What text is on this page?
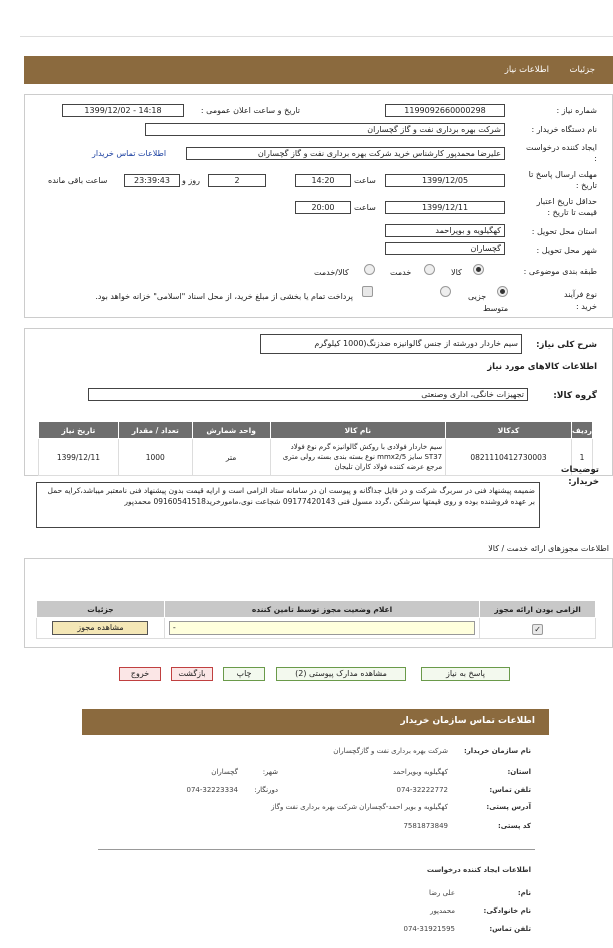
جزئیات
اطلاعات نیاز
شماره نیاز :
1199092660000298
تاریخ و ساعت اعلان عمومی :
1399/12/02 - 14:18
نام دستگاه خریدار :
شرکت بهره برداری نفت و گاز گچساران
ایجاد کننده درخواست :
علیرضا محمدپور کارشناس خرید شرکت بهره برداری نفت و گاز گچساران
اطلاعات تماس خریدار
مهلت ارسال پاسخ تا تاریخ :
1399/12/05
ساعت
14:20
2
روز و
23:39:43
ساعت باقی مانده
حداقل تاریخ اعتبار قیمت تا تاریخ :
1399/12/11
ساعت
20:00
استان محل تحویل :
کهگیلویه و بویراحمد
شهر محل تحویل :
گچساران
طبقه بندی موضوعی :
کالا
خدمت
کالا/خدمت
نوع فرآیند خرید :
جزیی
متوسط
پرداخت تمام یا بخشی از مبلغ خرید، از محل اسناد "اسلامی" خزانه خواهد بود.
شرح کلی نیاز:
سیم خاردار دورشته از جنس گالوانیزه ضدزنگ(1000 کیلوگرم
اطلاعات کالاهای مورد نیاز
گروه کالا:
تجهیزات خانگی، اداری وصنعتی
تاریخ نیاز	تعداد / مقدار	واحد شمارش	نام کالا	کدکالا	ردیف
1399/12/11	1000	متر	سیم خاردار فولادی با روکش گالوانیزه گرم نوع فولاد ST37 سایز mmx2/5 نوع بسته بندی بسته رولی متری مرجع عرضه کننده فولاد کاران تلیجان	0821110412730003	1
توضیحات خریدار:
ضمیمه پیشنهاد فنی در سربرگ شرکت و در فایل جداگانه و پیوست ان در سامانه ستاد الزامی است و ارایه قیمت بدون پیشنهاد فنی نامعتبر میباشد،کرایه حمل بر عهده فروشنده بوده و روی قیمتها سرشکن ،گردد مسول فنی 09177420143 شجاعت نوی،مامورخرید09160541518 محمدپور
اطلاعات مجوزهای ارائه خدمت / کالا
جزئیات	اعلام وضعیت مجوز توسط تامین کننده	الزامی بودن ارائه مجوز

مشاهده مجوز	-	✓
پاسخ به نیاز
مشاهده مدارک پیوستی (2)
چاپ
بازگشت
خروج
اطلاعات تماس سازمان خریدار
نام سازمان خریدار:
شرکت بهره برداری نفت و گازگچساران
استان:
کهگیلویه وبویراحمد
شهر:
گچساران
تلفن تماس:
074-32222772
دورنگار:
074-32223334
آدرس پستی:
کهگیلویه و بویر احمد-گچساران شرکت بهره برداری نفت وگاز
کد پستی:
7581873849
اطلاعات ایجاد کننده درخواست
نام:
علی رضا
نام خانوادگی:
محمدپور
تلفن تماس:
074-31921595
